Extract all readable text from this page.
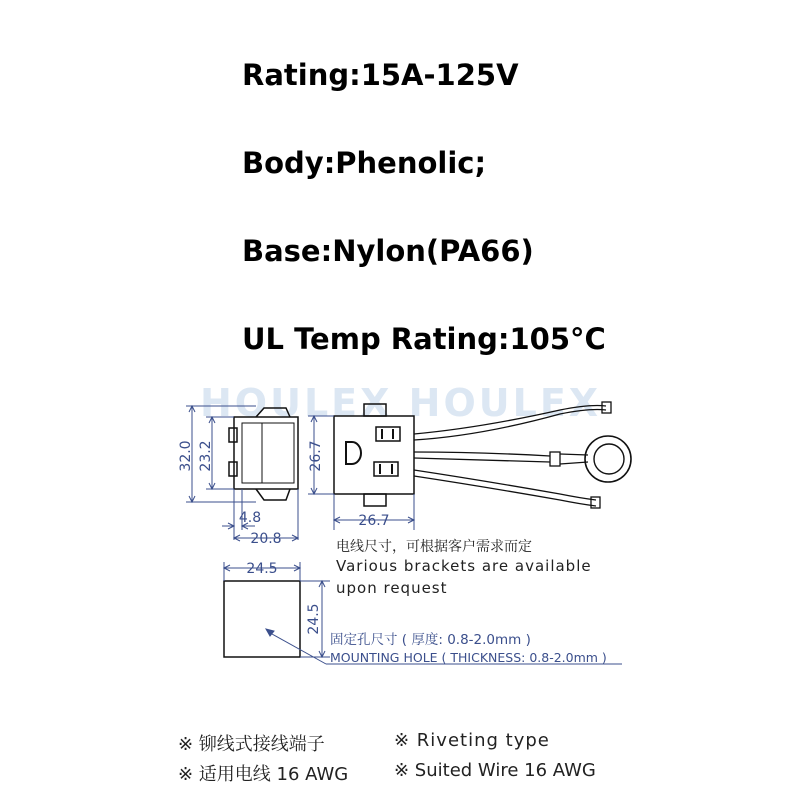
Rating:15A-125V
Body:Phenolic;
Base:Nylon(PA66)
UL Temp Rating:105°C
HOULEX HOULEX
32.0 23.2
4.8
20.8
26.7
26.7
电线尺寸，可根据客户需求而定
Various brackets are available
upon request
24.5
24.5
固定孔尺寸 ( 厚度: 0.8-2.0mm )
MOUNTING HOLE ( THICKNESS: 0.8-2.0mm )
※ 铆线式接线端子
※ 适用电线 16 AWG
※ Riveting type
※ Suited Wire 16 AWG
